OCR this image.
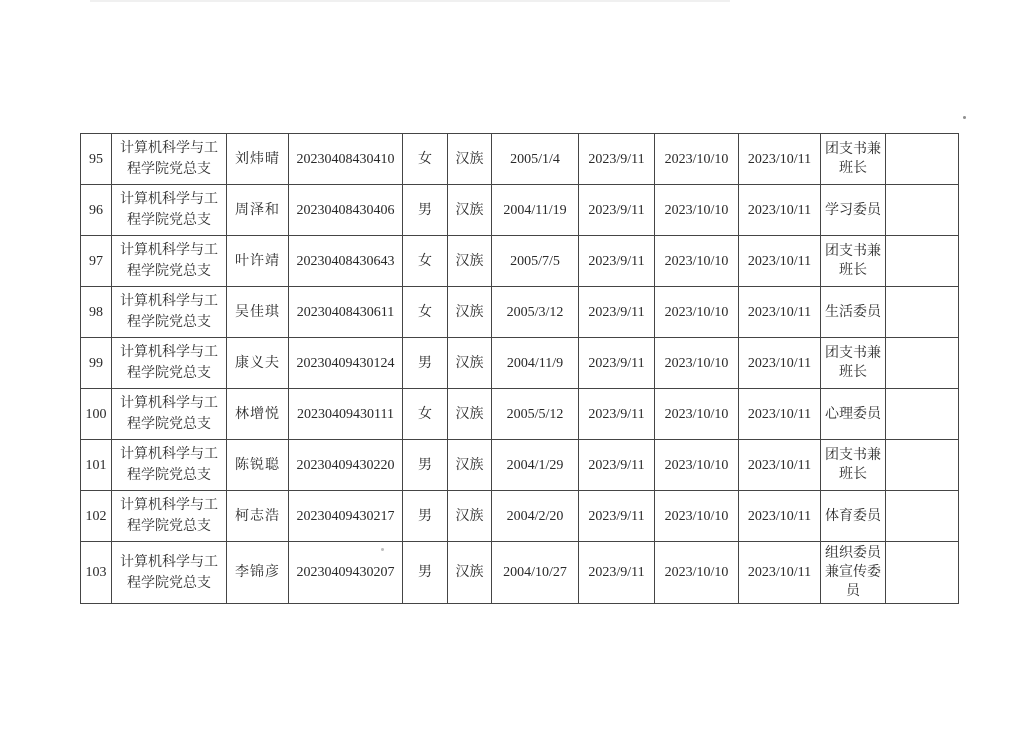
95	计算机科学与工程学院党总支	刘炜晴	20230408430410	女	汉族	2005/1/4	2023/9/11	2023/10/10	2023/10/11	团支书兼班长	
96	计算机科学与工程学院党总支	周泽和	20230408430406	男	汉族	2004/11/19	2023/9/11	2023/10/10	2023/10/11	学习委员	
97	计算机科学与工程学院党总支	叶许靖	20230408430643	女	汉族	2005/7/5	2023/9/11	2023/10/10	2023/10/11	团支书兼班长	
98	计算机科学与工程学院党总支	吴佳琪	20230408430611	女	汉族	2005/3/12	2023/9/11	2023/10/10	2023/10/11	生活委员	
99	计算机科学与工程学院党总支	康义夫	20230409430124	男	汉族	2004/11/9	2023/9/11	2023/10/10	2023/10/11	团支书兼班长	
100	计算机科学与工程学院党总支	林增悦	20230409430111	女	汉族	2005/5/12	2023/9/11	2023/10/10	2023/10/11	心理委员	
101	计算机科学与工程学院党总支	陈锐聪	20230409430220	男	汉族	2004/1/29	2023/9/11	2023/10/10	2023/10/11	团支书兼班长	
102	计算机科学与工程学院党总支	柯志浩	20230409430217	男	汉族	2004/2/20	2023/9/11	2023/10/10	2023/10/11	体育委员	
103	计算机科学与工程学院党总支	李锦彦	20230409430207	男	汉族	2004/10/27	2023/9/11	2023/10/10	2023/10/11	组织委员兼宣传委员	
